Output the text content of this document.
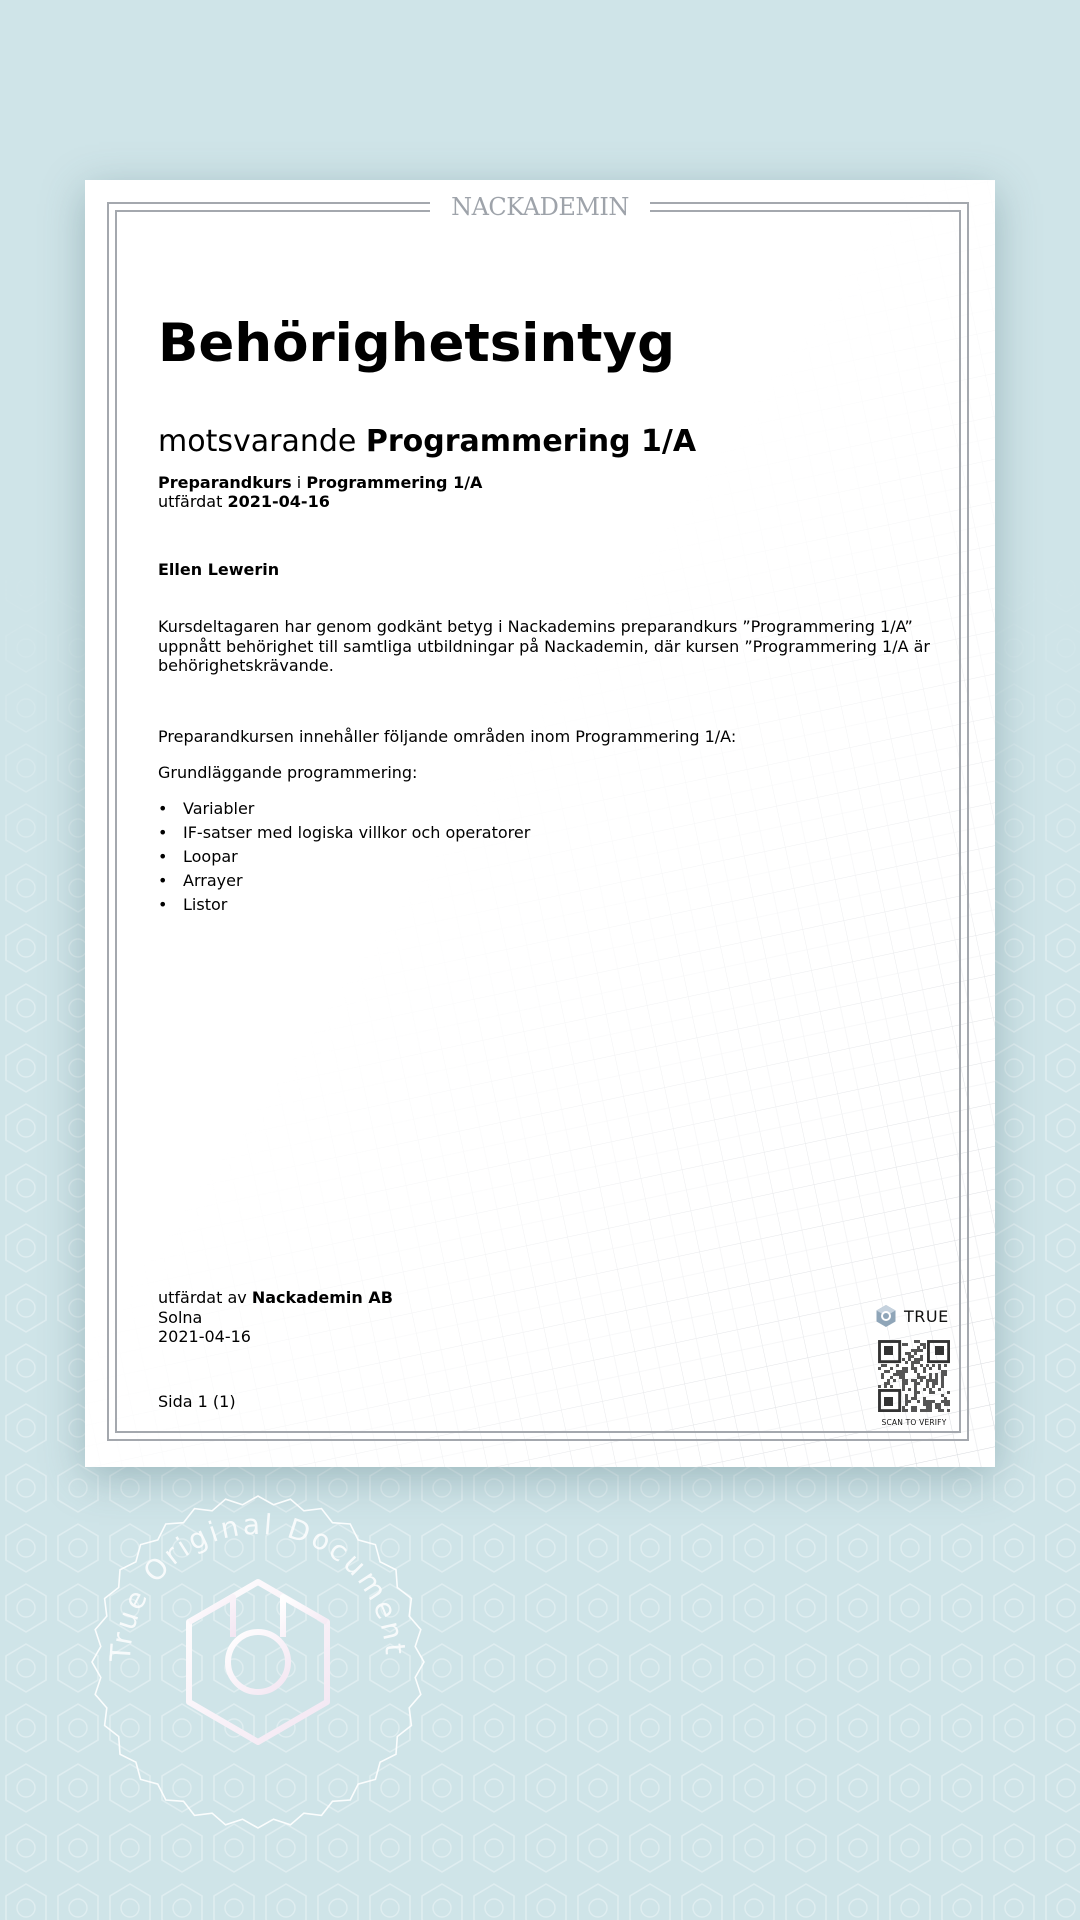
NACKADEMIN
Behörighetsintyg
motsvarande Programmering 1/A
Preparandkurs i Programmering 1/A
utfärdat 2021-04-16
Ellen Lewerin
Kursdeltagaren har genom godkänt betyg i Nackademins preparandkurs ”Programmering 1/A” uppnått behörighet till samtliga utbildningar på Nackademin, där kursen ”Programmering 1/A är behörighetskrävande.
Preparandkursen innehåller följande områden inom Programmering 1/A:
Grundläggande programmering:
• Variabler
• IF-satser med logiska villkor och operatorer
• Loopar
• Arrayer
• Listor
utfärdat av Nackademin AB
Solna
2021-04-16
Sida 1 (1)
TRUE
SCAN TO VERIFY
True Original Document
